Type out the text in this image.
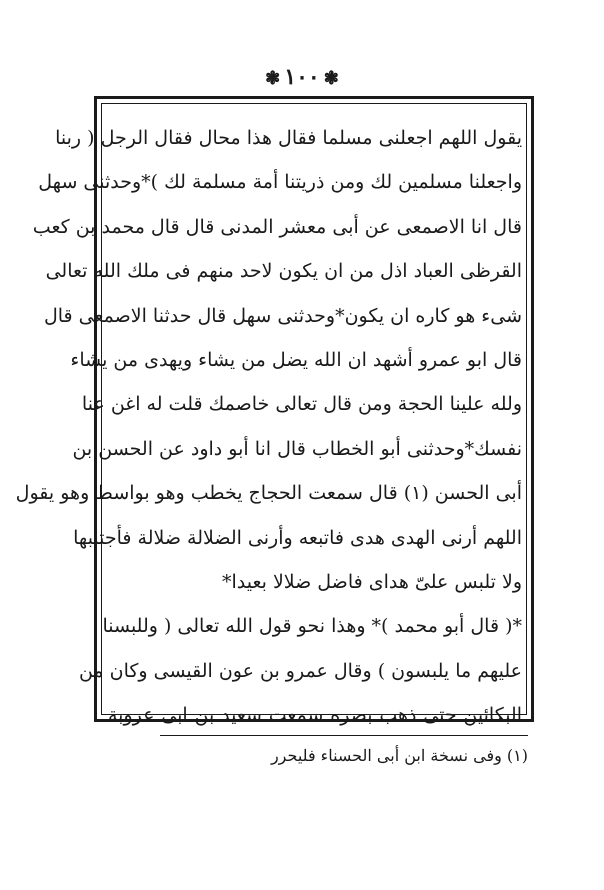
❃١٠٠❃
يقول اللهم اجعلنى مسلما فقال هذا محال فقال الرجل ( ربنا
واجعلنا مسلمين لك ومن ذريتنا أمة مسلمة لك )*وحدثنى سهل
قال انا الاصمعى عن أبى معشر المدنى قال قال محمد بن كعب
القرظى العباد اذل من ان يكون لاحد منهم فى ملك الله تعالى
شىء هو كاره ان يكون*وحدثنى سهل قال حدثنا الاصمعى قال
قال ابو عمرو أشهد ان الله يضل من يشاء ويهدى من يشاء
ولله علينا الحجة ومن قال تعالى خاصمك قلت له اغن عنا
نفسك*وحدثنى أبو الخطاب قال انا أبو داود عن الحسن بن
أبى الحسن (١) قال سمعت الحجاج يخطب وهو بواسط وهو يقول
اللهم أرنى الهدى هدى فاتبعه وأرنى الضلالة ضلالة فأجتنبها
ولا تلبس علىّ هداى فاضل ضلالا بعيدا*
*( قال أبو محمد )* وهذا نحو قول الله تعالى ( وللبسنا
عليهم ما يلبسون ) وقال عمرو بن عون القيسى وكان من
البكائين حتى ذهب بصره سمعت سعيد بن ابى عروبة
(١) وفى نسخة ابن أبى الحسناء فليحرر
